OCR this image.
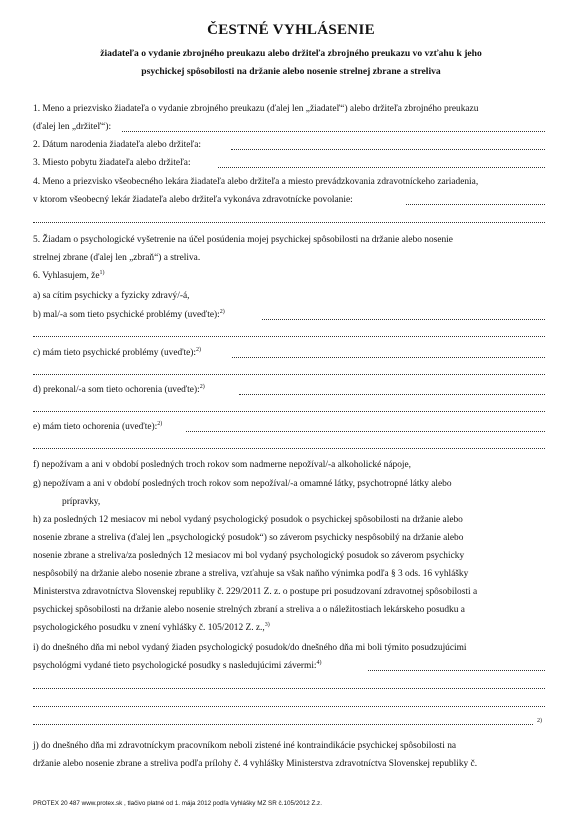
ČESTNÉ VYHLÁSENIE
žiadateľa o vydanie zbrojného preukazu alebo držiteľa zbrojného preukazu vo vzťahu k jeho
psychickej spôsobilosti na držanie alebo nosenie strelnej zbrane a streliva
1. Meno a priezvisko žiadateľa o vydanie zbrojného preukazu (ďalej len „žiadateľ“) alebo držiteľa zbrojného preukazu
(ďalej len „držiteľ“):
2. Dátum narodenia žiadateľa alebo držiteľa:
3. Miesto pobytu žiadateľa alebo držiteľa:
4. Meno a priezvisko všeobecného lekára žiadateľa alebo držiteľa a miesto prevádzkovania zdravotníckeho zariadenia,
v ktorom všeobecný lekár žiadateľa alebo držiteľa vykonáva zdravotnícke povolanie:
5. Žiadam o psychologické vyšetrenie na účel posúdenia mojej psychickej spôsobilosti na držanie alebo nosenie
strelnej zbrane (ďalej len „zbraň“) a streliva.
6. Vyhlasujem, $že^{1)}$
a) sa cítim psychicky a fyzicky zdravý/-á,
b) mal/-a som tieto psychické problémy (uveďte):$^{2)}$
c) mám tieto psychické problémy (uveďte):$^{2)}$
d) prekonal/-a som tieto ochorenia (uveďte):$^{2)}$
e) mám tieto ochorenia (uveďte):$^{2)}$
f) nepožívam a ani v období posledných troch rokov som nadmerne nepožíval/-a alkoholické nápoje,
g) nepožívam a ani v období posledných troch rokov som nepožíval/-a omamné látky, psychotropné látky alebo
prípravky,
h) za posledných 12 mesiacov mi nebol vydaný psychologický posudok o psychickej spôsobilosti na držanie alebo
nosenie zbrane a streliva (ďalej len „psychologický posudok“) so záverom psychicky nespôsobilý na držanie alebo
nosenie zbrane a streliva/za posledných 12 mesiacov mi bol vydaný psychologický posudok so záverom psychicky
nespôsobilý na držanie alebo nosenie zbrane a streliva, vzťahuje sa však naňho výnimka podľa § 3 ods. 16 vyhlášky
Ministerstva zdravotníctva Slovenskej republiky č. 229/2011 Z. z. o postupe pri posudzovaní zdravotnej spôsobilosti a
psychickej spôsobilosti na držanie alebo nosenie strelných zbraní a streliva a o náležitostiach lekárskeho posudku a
psychologického posudku v znení vyhlášky č. 105/2012 Z. z.,$^{3)}$
i) do dnešného dňa mi nebol vydaný žiaden psychologický posudok/do dnešného dňa mi boli týmito posudzujúcimi
psychológmi vydané tieto psychologické posudky s nasledujúcimi závermi:$^{4)}$
2)
j) do dnešného dňa mi zdravotníckym pracovníkom neboli zistené iné kontraindikácie psychickej spôsobilosti na
držanie alebo nosenie zbrane a streliva podľa prílohy č. 4 vyhlášky Ministerstva zdravotníctva Slovenskej republiky č.
PROTEX 20 487 www.protex.sk , tlačivo platné od 1. mája 2012 podľa Vyhlášky MZ SR č.105/2012 Z.z.
